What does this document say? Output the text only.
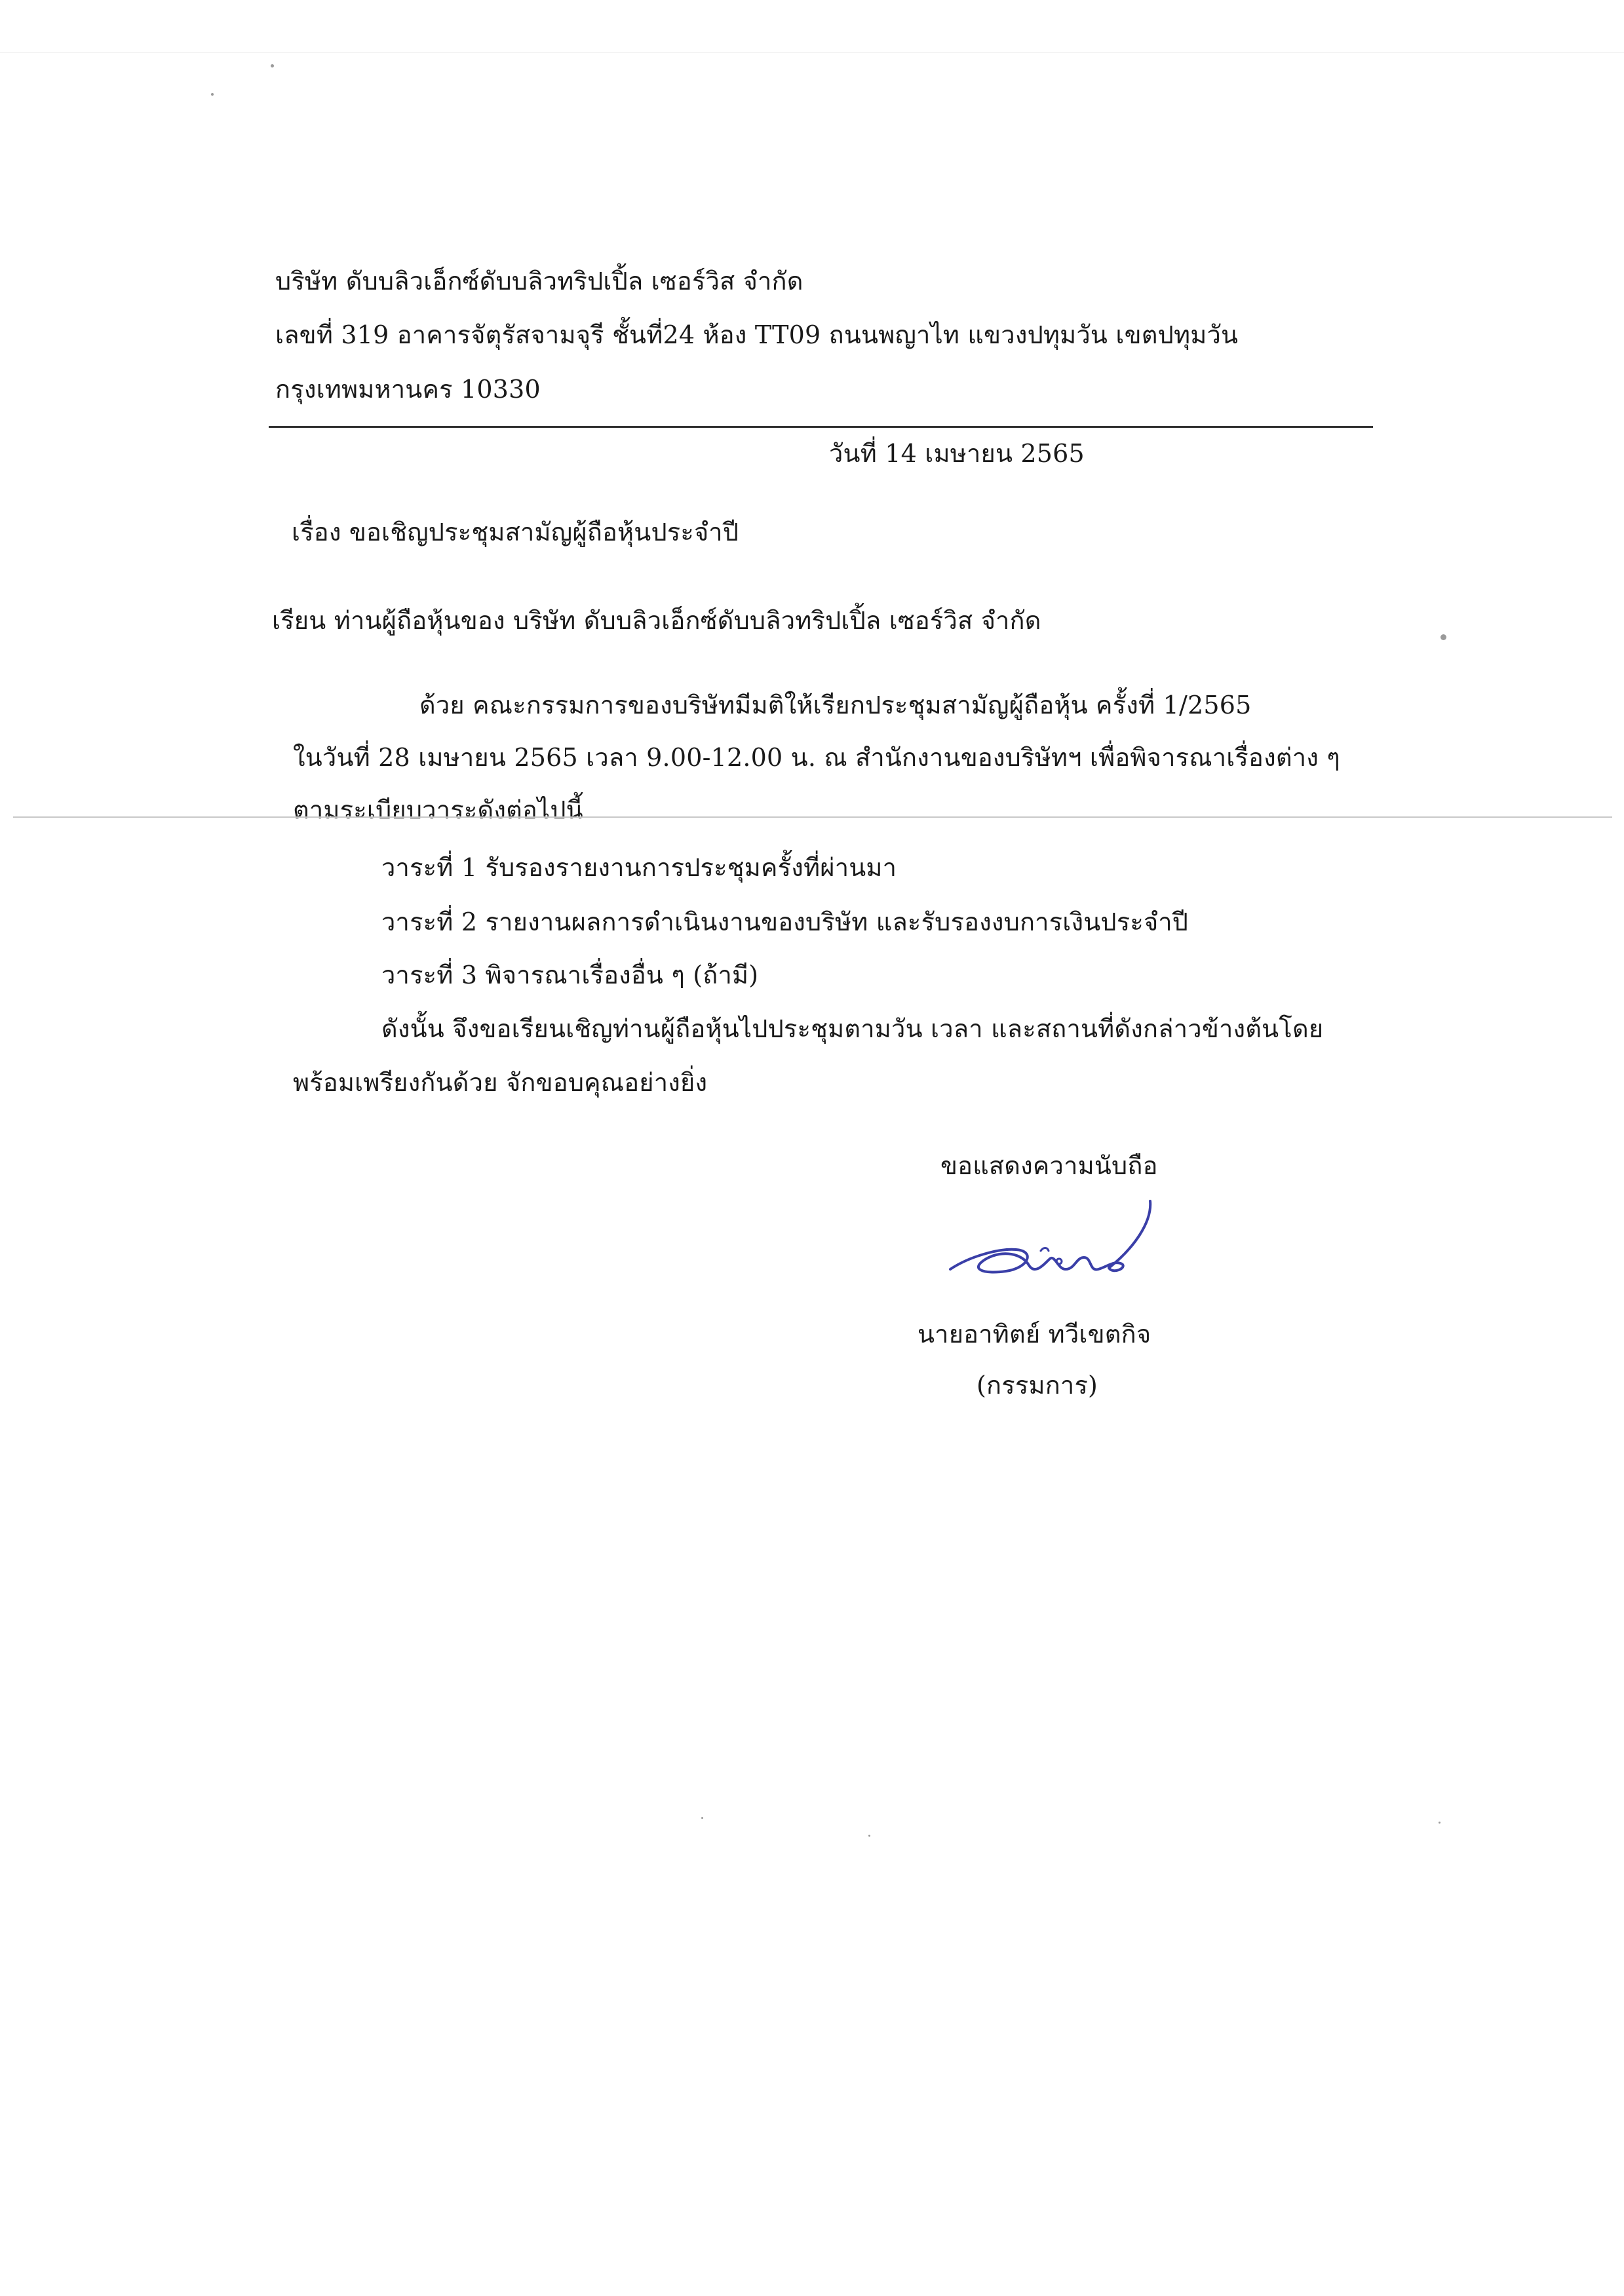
บริษัท ดับบลิวเอ็กซ์ดับบลิวทริปเปิ้ล เซอร์วิส จำกัด
เลขที่ 319 อาคารจัตุรัสจามจุรี ชั้นที่24 ห้อง TT09 ถนนพญาไท แขวงปทุมวัน เขตปทุมวัน
กรุงเทพมหานคร 10330
วันที่ 14 เมษายน 2565
เรื่อง ขอเชิญประชุมสามัญผู้ถือหุ้นประจำปี
เรียน ท่านผู้ถือหุ้นของ บริษัท ดับบลิวเอ็กซ์ดับบลิวทริปเปิ้ล เซอร์วิส จำกัด
ด้วย คณะกรรมการของบริษัทมีมติให้เรียกประชุมสามัญผู้ถือหุ้น ครั้งที่ 1/2565
ในวันที่ 28 เมษายน 2565 เวลา 9.00-12.00 น. ณ สำนักงานของบริษัทฯ เพื่อพิจารณาเรื่องต่าง ๆ
ตามระเบียบวาระดังต่อไปนี้
วาระที่ 1 รับรองรายงานการประชุมครั้งที่ผ่านมา
วาระที่ 2 รายงานผลการดำเนินงานของบริษัท และรับรองงบการเงินประจำปี
วาระที่ 3 พิจารณาเรื่องอื่น ๆ (ถ้ามี)
ดังนั้น จึงขอเรียนเชิญท่านผู้ถือหุ้นไปประชุมตามวัน เวลา และสถานที่ดังกล่าวข้างต้นโดย
พร้อมเพรียงกันด้วย จักขอบคุณอย่างยิ่ง
ขอแสดงความนับถือ
นายอาทิตย์ ทวีเขตกิจ
(กรรมการ)
